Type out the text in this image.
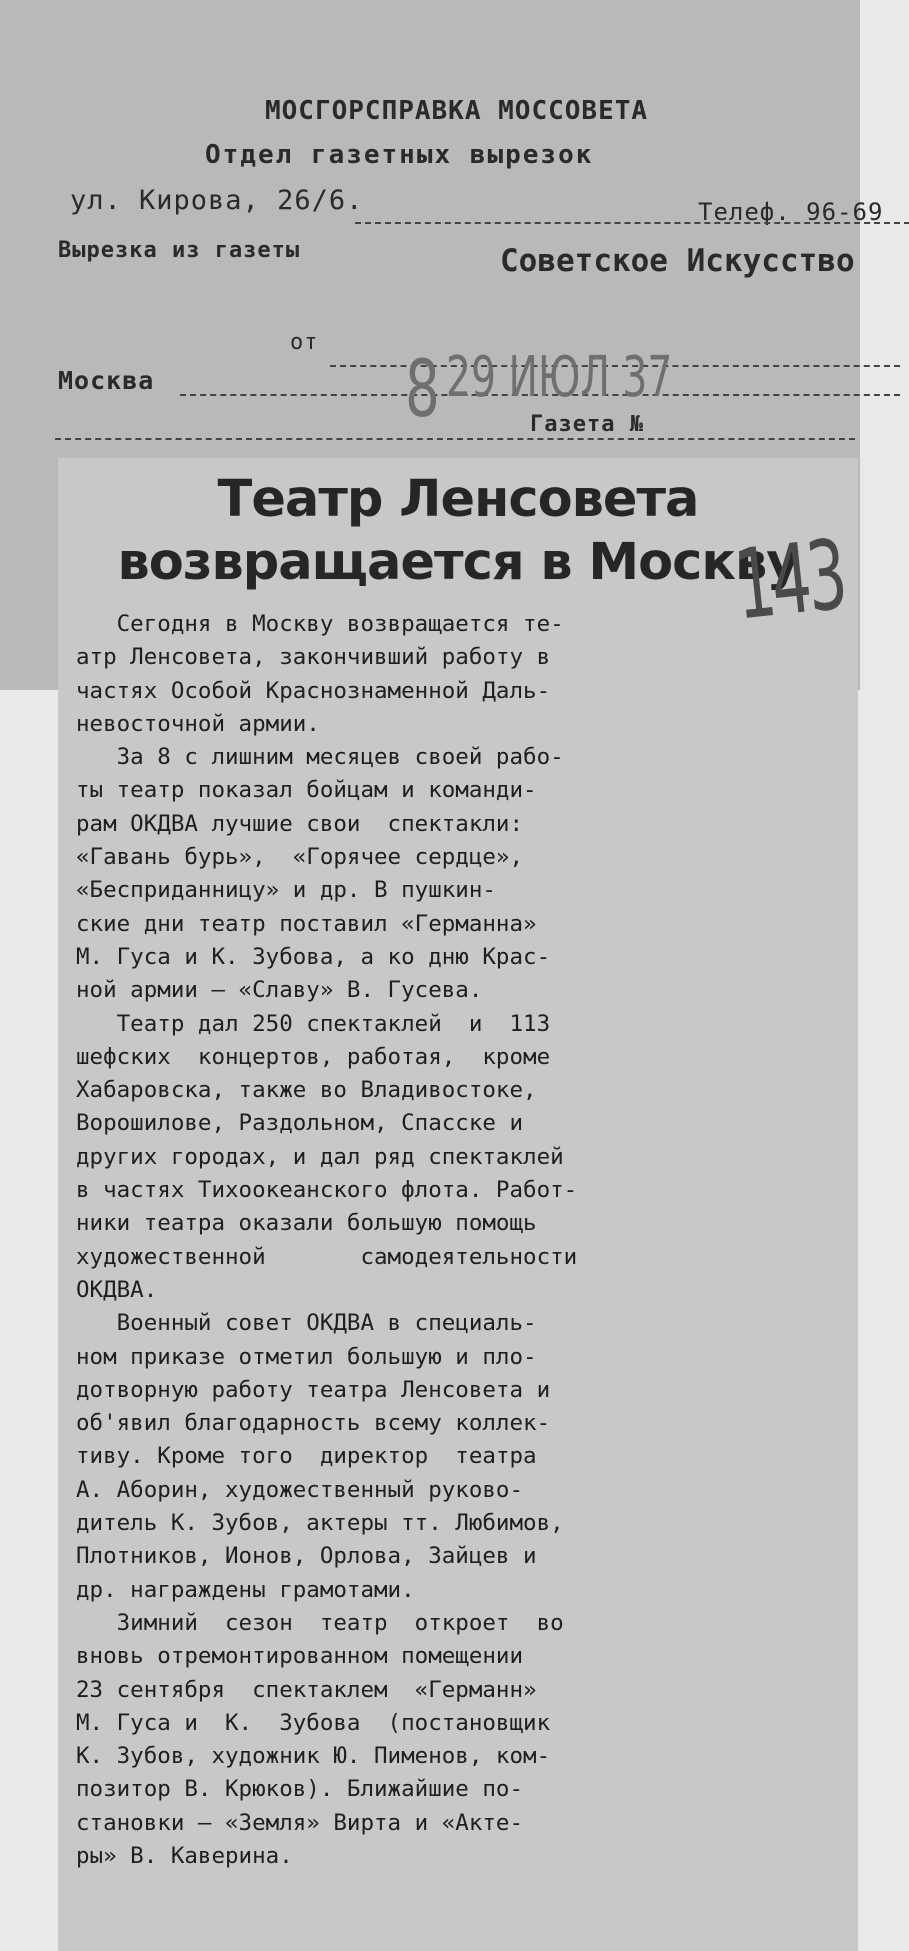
МОСГОРСПРАВКА МОССОВЕТА
Отдел газетных вырезок
ул. Кирова, 26/6.	Телеф. 96-69
Вырезка из газеты	Советское Искусство
от
Москва	8 29 ИЮЛ 37
Газета №
Театр Ленсовета
возвращается в Москву
Сегодня в Москву возвращается те-
атр Ленсовета, закончивший работу в
частях Особой Краснознаменной Даль-
невосточной армии.
За 8 с лишним месяцев своей рабо-
ты театр показал бойцам и команди-
рам ОКДВА лучшие свои  спектакли:
«Гавань бурь»,  «Горячее сердце»,
«Бесприданницу» и др. В пушкин-
ские дни театр поставил «Германна»
М. Гуса и К. Зубова, а ко дню Крас-
ной армии — «Славу» В. Гусева.
Театр дал 250 спектаклей  и  113
шефских  концертов, работая,  кроме
Хабаровска, также во Владивостоке,
Ворошилове, Раздольном, Спасске и
других городах, и дал ряд спектаклей
в частях Тихоокеанского флота. Работ-
ники театра оказали большую помощь
художественной       самодеятельности
ОКДВА.
Военный совет ОКДВА в специаль-
ном приказе отметил большую и пло-
дотворную работу театра Ленсовета и
об'явил благодарность всему коллек-
тиву. Кроме того  директор  театра
А. Аборин, художественный руково-
дитель К. Зубов, актеры тт. Любимов,
Плотников, Ионов, Орлова, Зайцев и
др. награждены грамотами.
Зимний  сезон  театр  откроет  во
вновь отремонтированном помещении
23 сентября  спектаклем  «Германн»
М. Гуса и  К.  Зубова  (постановщик
К. Зубов, художник Ю. Пименов, ком-
позитор В. Крюков). Ближайшие по-
становки — «Земля» Вирта и «Акте-
ры» В. Каверина.
143
